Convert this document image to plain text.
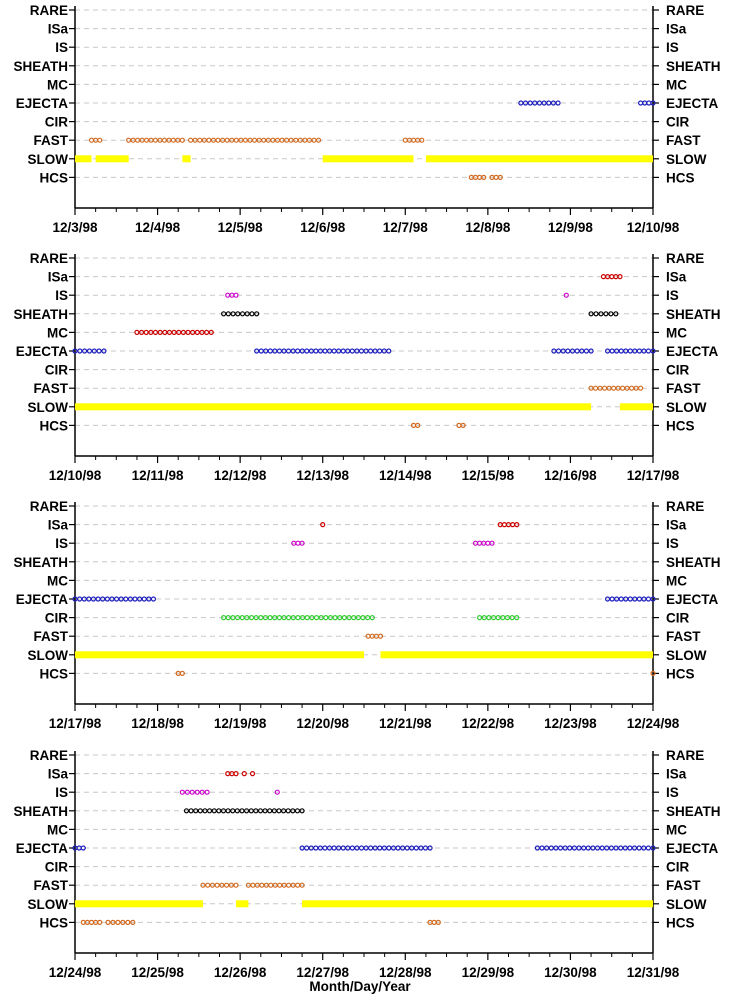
RARE	RARE
ISa	ISa
IS	IS
SHEATH	SHEATH
MC	MC
EJECTA	EJECTA
CIR	CIR
FAST	FAST
SLOW	SLOW
HCS	HCS
12/3/98	12/4/98	12/5/98	12/6/98	12/7/98	12/8/98	12/9/98	12/10/98
RARE	RARE
ISa	ISa
IS	IS
SHEATH	SHEATH
MC	MC
EJECTA	EJECTA
CIR	CIR
FAST	FAST
SLOW	SLOW
HCS	HCS
12/10/98 12/11/98 12/12/98 12/13/98 12/14/98 12/15/98 12/16/98 12/17/98
RARE	RARE
ISa	ISa
IS	IS
SHEATH	SHEATH
MC	MC
EJECTA	EJECTA
CIR	CIR
FAST	FAST
SLOW	SLOW
HCS	HCS
12/17/98 12/18/98 12/19/98 12/20/98 12/21/98 12/22/98 12/23/98 12/24/98
RARE	RARE
ISa	ISa
IS	IS
SHEATH	SHEATH
MC	MC
EJECTA	EJECTA
CIR	CIR
FAST	FAST
SLOW	SLOW
HCS	HCS
12/24/98 12/25/98 12/26/98 12/27/98 12/28/98 12/29/98 12/30/98 12/31/98
Month/Day/Year
